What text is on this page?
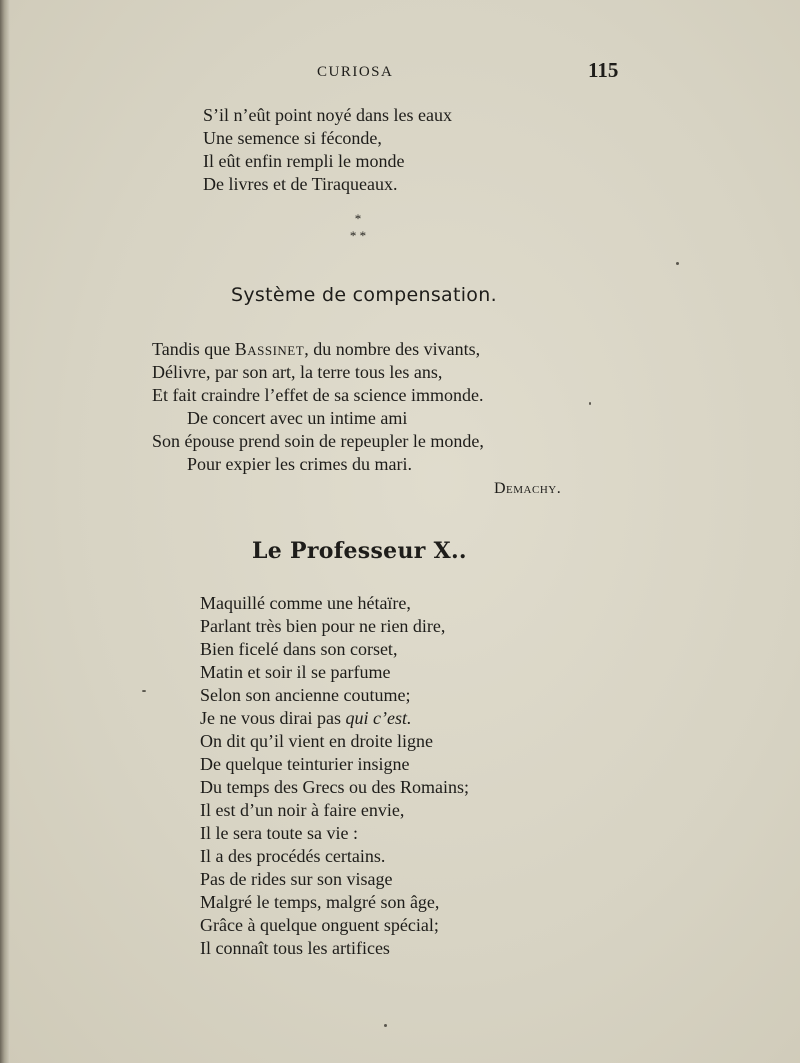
CURIOSA	115
S’il n’eût point noyé dans les eaux
Une semence si féconde,
Il eût enfin rempli le monde
De livres et de Tiraqueaux.
*
* *
Système de compensation.
Tandis que Bassinet, du nombre des vivants,
Délivre, par son art, la terre tous les ans,
Et fait craindre l’effet de sa science immonde.
De concert avec un intime ami
Son épouse prend soin de repeupler le monde,
Pour expier les crimes du mari.
Demachy.
Le Professeur X..
Maquillé comme une hétaïre,
Parlant très bien pour ne rien dire,
Bien ficelé dans son corset,
Matin et soir il se parfume
Selon son ancienne coutume;
Je ne vous dirai pas qui c’est.
On dit qu’il vient en droite ligne
De quelque teinturier insigne
Du temps des Grecs ou des Romains;
Il est d’un noir à faire envie,
Il le sera toute sa vie :
Il a des procédés certains.
Pas de rides sur son visage
Malgré le temps, malgré son âge,
Grâce à quelque onguent spécial;
Il connaît tous les artifices
